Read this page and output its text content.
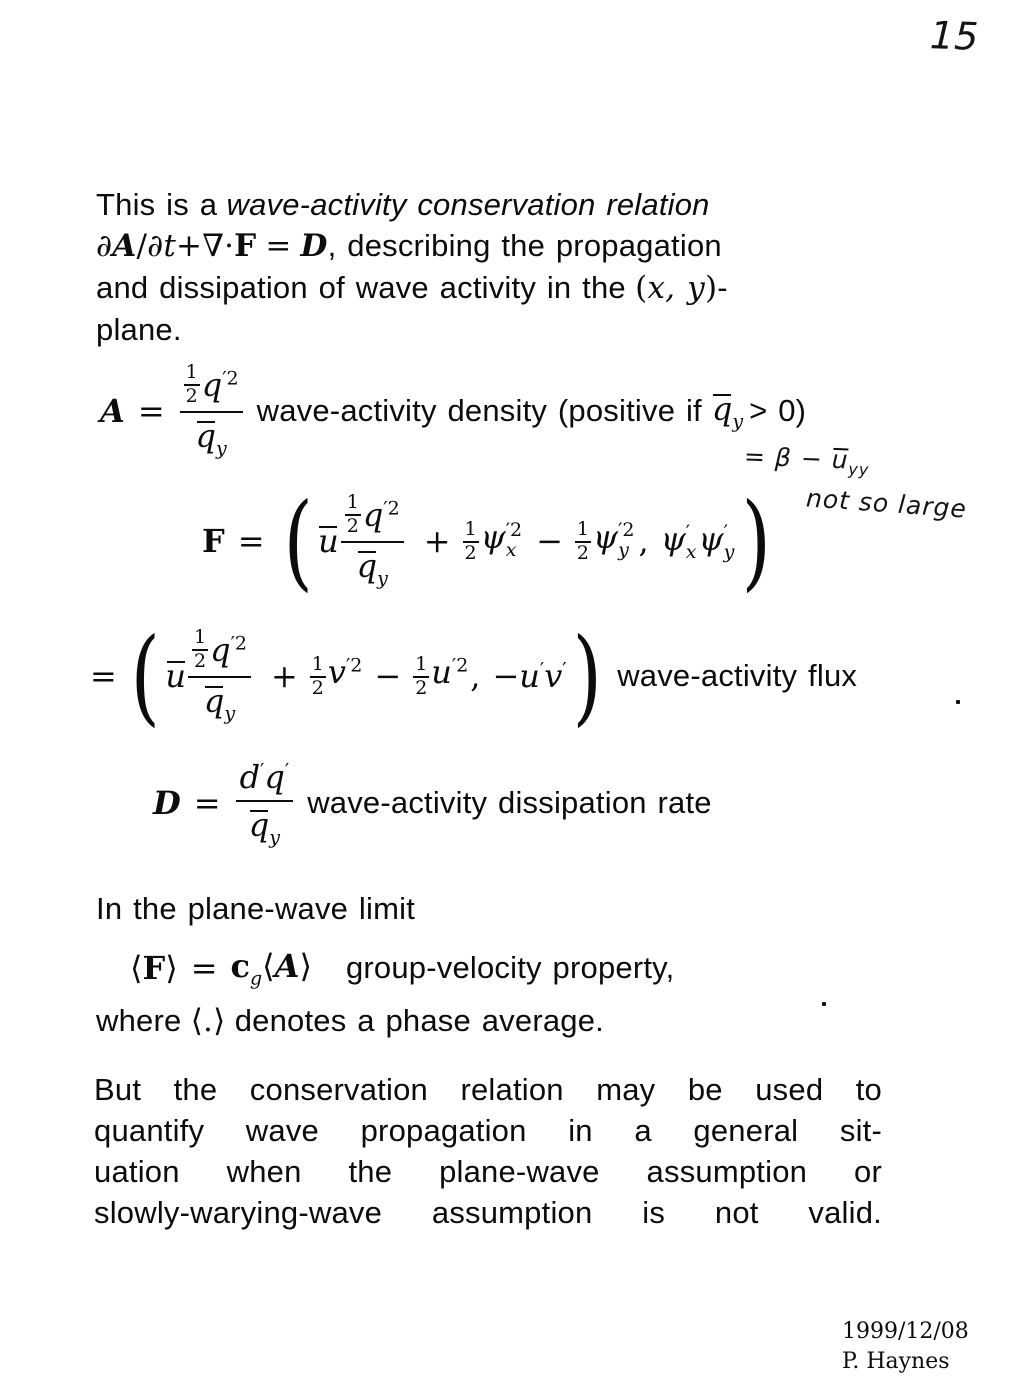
15
This is a wave-activity conservation relation
∂A/∂t+∇·F = D, describing the propagation
and dissipation of wave activity in the (x, y)-
plane.
A = 1
2 $q^{'2}$
$q_y$ wave-activity density (positive if $q_y > 0$)
= $\beta - u_{yy}$
not so large
F = ( u 1
2 $q^{'2}$
$q_y + \frac{1}{2}$ ψ ′2
$x - \frac{1}{2}$ ψ ′2
y , ψ ′
x ψ ′
y )
= ( u 1
2 $q^{'2}$
$q_y + \frac{1}{2} v^{'2} - \frac{1}{2} u^{'2}$ , −u′v′ ) wave-activity flux
$D = \frac{d'q'}{q_y}$ wave-activity dissipation rate
In the plane-wave limit
⟨F⟩ = $c_g⟨A⟩$ group-velocity property,
where ⟨.⟩ denotes a phase average.
But the conservation relation may be used to
quantify wave propagation in a general sit-
uation when the plane-wave assumption or
slowly-warying-wave assumption is not valid.
1999/12/08
P. Haynes
